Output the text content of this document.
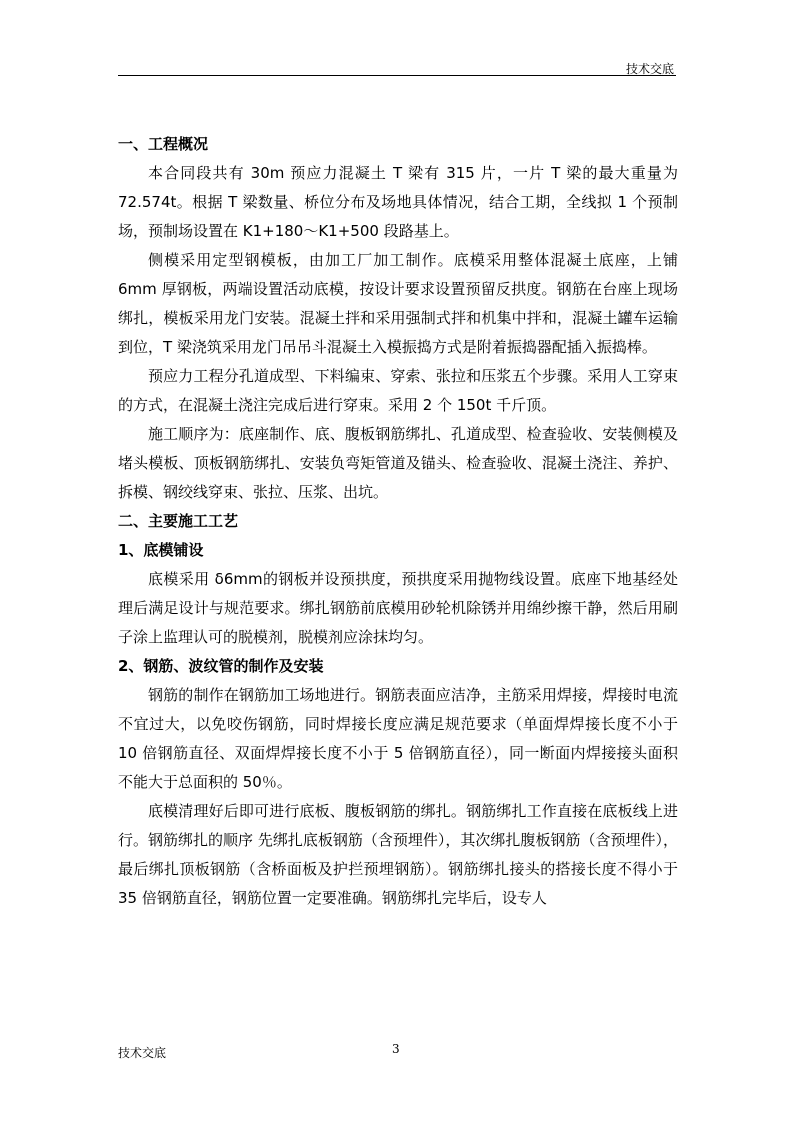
技术交底
一、工程概况

本合同段共有 30m 预应力混凝土 T 梁有 315 片，一片 T 梁的最大重量为 72.574t。根据 T 梁数量、桥位分布及场地具体情况，结合工期，全线拟 1 个预制场，预制场设置在 K1+180～K1+500 段路基上。

侧模采用定型钢模板，由加工厂加工制作。底模采用整体混凝土底座，上铺 6mm 厚钢板，两端设置活动底模，按设计要求设置预留反拱度。钢筋在台座上现场绑扎，模板采用龙门安装。混凝土拌和采用强制式拌和机集中拌和，混凝土罐车运输到位，T 梁浇筑采用龙门吊吊斗混凝土入模振捣方式是附着振捣器配插入振捣棒。

预应力工程分孔道成型、下料编束、穿索、张拉和压浆五个步骤。采用人工穿束的方式，在混凝土浇注完成后进行穿束。采用 2 个 150t 千斤顶。

施工顺序为：底座制作、底、腹板钢筋绑扎、孔道成型、检查验收、安装侧模及堵头模板、顶板钢筋绑扎、安装负弯矩管道及锚头、检查验收、混凝土浇注、养护、拆模、钢绞线穿束、张拉、压浆、出坑。

二、主要施工工艺
1、底模铺设

底模采用 δ6mm的钢板并设预拱度，预拱度采用抛物线设置。底座下地基经处理后满足设计与规范要求。绑扎钢筋前底模用砂轮机除锈并用绵纱擦干静，然后用刷子涂上监理认可的脱模剂，脱模剂应涂抹均匀。

2、钢筋、波纹管的制作及安装

钢筋的制作在钢筋加工场地进行。钢筋表面应洁净，主筋采用焊接，焊接时电流不宜过大，以免咬伤钢筋，同时焊接长度应满足规范要求（单面焊焊接长度不小于 10 倍钢筋直径、双面焊焊接长度不小于 5 倍钢筋直径），同一断面内焊接接头面积不能大于总面积的 50％。

底模清理好后即可进行底板、腹板钢筋的绑扎。钢筋绑扎工作直接在底板线上进行。钢筋绑扎的顺序 先绑扎底板钢筋（含预埋件），其次绑扎腹板钢筋（含预埋件），最后绑扎顶板钢筋（含桥面板及护拦预埋钢筋）。钢筋绑扎接头的搭接长度不得小于 35 倍钢筋直径，钢筋位置一定要准确。钢筋绑扎完毕后，设专人

技术交底	3
